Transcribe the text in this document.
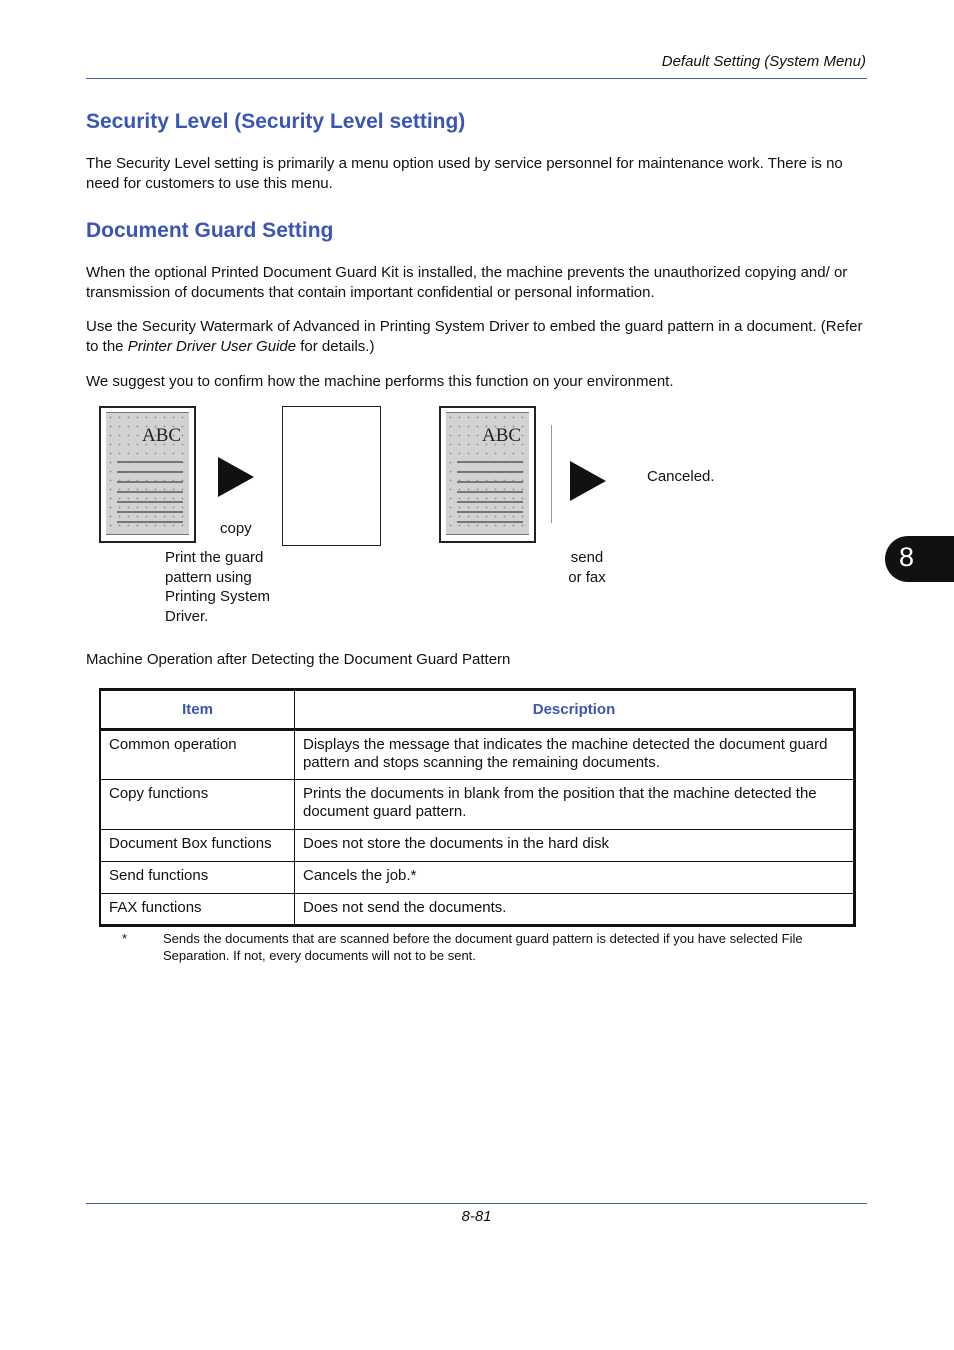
Default Setting (System Menu)
Security Level (Security Level setting)

The Security Level setting is primarily a menu option used by service personnel for maintenance work. There is no need for customers to use this menu.

Document Guard Setting

When the optional Printed Document Guard Kit is installed, the machine prevents the unauthorized copying and/ or transmission of documents that contain important confidential or personal information.

Use the Security Watermark of Advanced in Printing System Driver to embed the guard pattern in a document. (Refer to the Printer Driver User Guide for details.)

We suggest you to confirm how the machine performs this function on your environment.

ABC
copy
Print the guard pattern using Printing System Driver.
ABC
send or fax
Canceled.
8
Machine Operation after Detecting the Document Guard Pattern
Item	Description
Common operation	Displays the message that indicates the machine detected the document guard pattern and stops scanning the remaining documents.
Copy functions	Prints the documents in blank from the position that the machine detected the document guard pattern.
Document Box functions	Does not store the documents in the hard disk
Send functions	Cancels the job.*
FAX functions	Does not send the documents.
*	Sends the documents that are scanned before the document guard pattern is detected if you have selected File Separation. If not, every documents will not to be sent.
8-81
